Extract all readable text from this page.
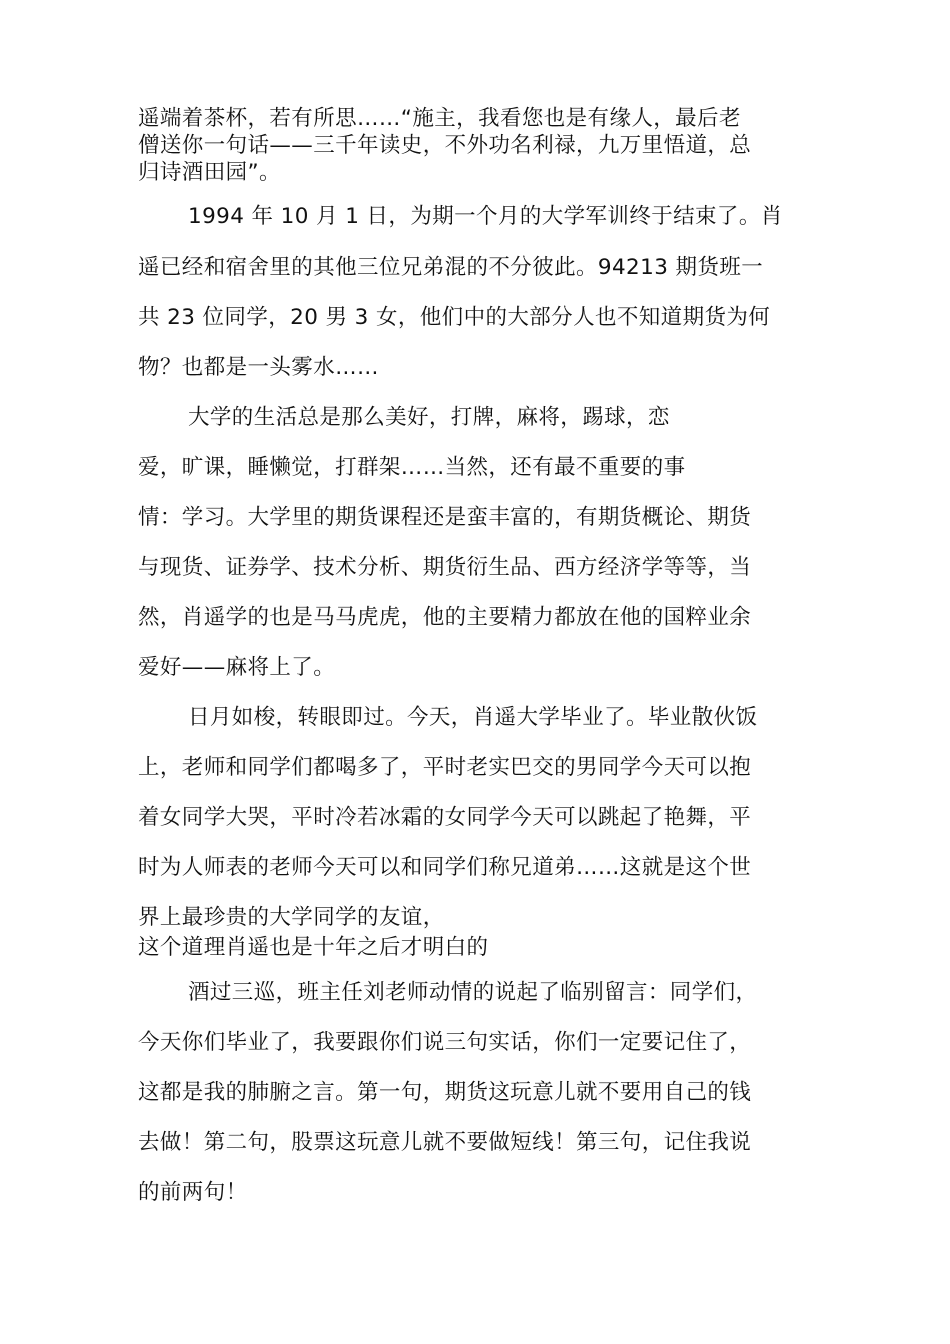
遥端着茶杯，若有所思……“施主，我看您也是有缘人，最后老
僧送你一句话——三千年读史，不外功名利禄，九万里悟道，总
归诗酒田园”。
1994 年 10 月 1 日，为期一个月的大学军训终于结束了。肖
遥已经和宿舍里的其他三位兄弟混的不分彼此。94213 期货班一
共 23 位同学，20 男 3 女，他们中的大部分人也不知道期货为何
物？也都是一头雾水……
大学的生活总是那么美好，打牌，麻将，踢球，恋
爱，旷课，睡懒觉，打群架……当然，还有最不重要的事
情：学习。大学里的期货课程还是蛮丰富的，有期货概论、期货
与现货、证券学、技术分析、期货衍生品、西方经济学等等，当
然，肖遥学的也是马马虎虎，他的主要精力都放在他的国粹业余
爱好——麻将上了。
日月如梭，转眼即过。今天，肖遥大学毕业了。毕业散伙饭
上，老师和同学们都喝多了，平时老实巴交的男同学今天可以抱
着女同学大哭，平时冷若冰霜的女同学今天可以跳起了艳舞，平
时为人师表的老师今天可以和同学们称兄道弟……这就是这个世
界上最珍贵的大学同学的友谊，
这个道理肖遥也是十年之后才明白的
酒过三巡，班主任刘老师动情的说起了临别留言：同学们，
今天你们毕业了，我要跟你们说三句实话，你们一定要记住了，
这都是我的肺腑之言。第一句，期货这玩意儿就不要用自己的钱
去做！第二句，股票这玩意儿就不要做短线！第三句，记住我说
的前两句！
